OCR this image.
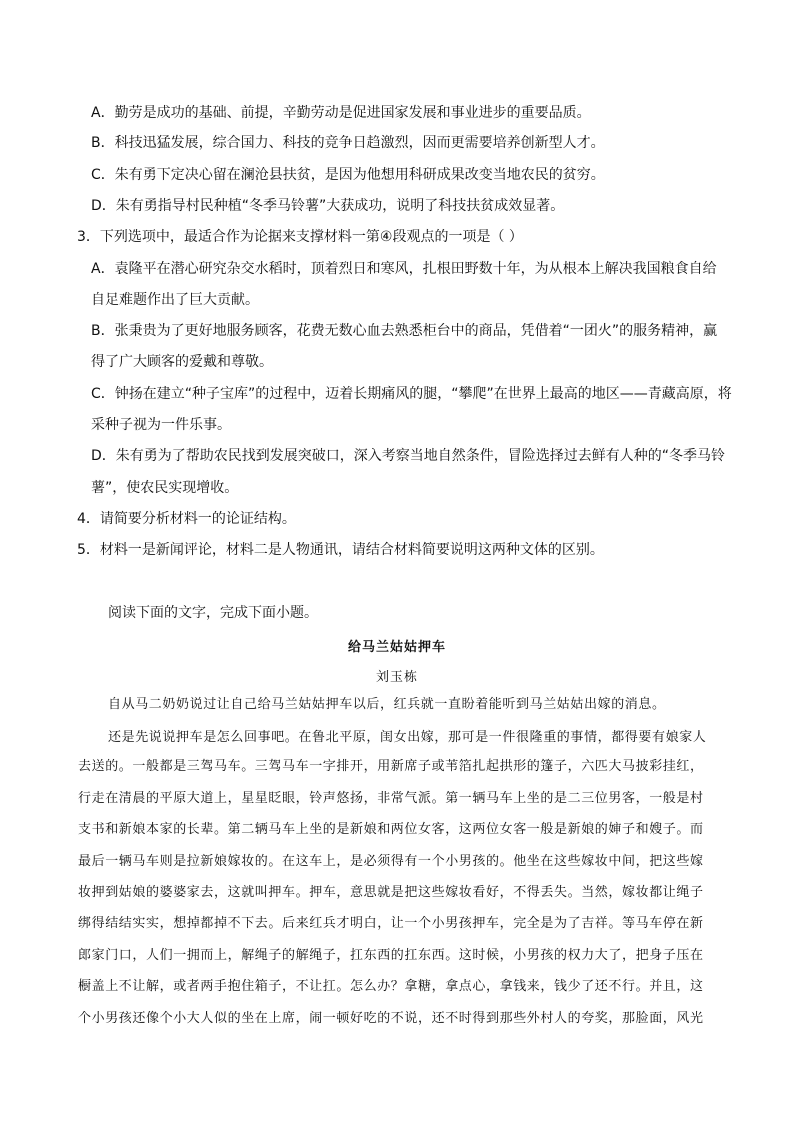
A．勤劳是成功的基础、前提，辛勤劳动是促进国家发展和事业进步的重要品质。

B．科技迅猛发展，综合国力、科技的竞争日趋激烈，因而更需要培养创新型人才。

C．朱有勇下定决心留在澜沧县扶贫，是因为他想用科研成果改变当地农民的贫穷。

D．朱有勇指导村民种植“冬季马铃薯”大获成功，说明了科技扶贫成效显著。

3．下列选项中，最适合作为论据来支撑材料一第④段观点的一项是（ ）

A．袁隆平在潜心研究杂交水稻时，顶着烈日和寒风，扎根田野数十年，为从根本上解决我国粮食自给

自足难题作出了巨大贡献。

B．张秉贵为了更好地服务顾客，花费无数心血去熟悉柜台中的商品，凭借着“一团火”的服务精神，赢

得了广大顾客的爱戴和尊敬。

C．钟扬在建立“种子宝库”的过程中，迈着长期痛风的腿，“攀爬”在世界上最高的地区——青藏高原，将

采种子视为一件乐事。

D．朱有勇为了帮助农民找到发展突破口，深入考察当地自然条件，冒险选择过去鲜有人种的“冬季马铃

薯”，使农民实现增收。

4．请简要分析材料一的论证结构。

5．材料一是新闻评论，材料二是人物通讯，请结合材料简要说明这两种文体的区别。

阅读下面的文字，完成下面小题。

给马兰姑姑押车

刘玉栋

自从马二奶奶说过让自己给马兰姑姑押车以后，红兵就一直盼着能听到马兰姑姑出嫁的消息。

还是先说说押车是怎么回事吧。在鲁北平原，闺女出嫁，那可是一件很隆重的事情，都得要有娘家人

去送的。一般都是三驾马车。三驾马车一字排开，用新席子或苇箔扎起拱形的篷子，六匹大马披彩挂红，

行走在清晨的平原大道上，星星眨眼，铃声悠扬，非常气派。第一辆马车上坐的是二三位男客，一般是村

支书和新娘本家的长辈。第二辆马车上坐的是新娘和两位女客，这两位女客一般是新娘的婶子和嫂子。而

最后一辆马车则是拉新娘嫁妆的。在这车上，是必须得有一个小男孩的。他坐在这些嫁妆中间，把这些嫁

妆押到姑娘的婆婆家去，这就叫押车。押车，意思就是把这些嫁妆看好，不得丢失。当然，嫁妆都让绳子

绑得结结实实，想掉都掉不下去。后来红兵才明白，让一个小男孩押车，完全是为了吉祥。等马车停在新

郎家门口，人们一拥而上，解绳子的解绳子，扛东西的扛东西。这时候，小男孩的权力大了，把身子压在

橱盖上不让解，或者两手抱住箱子，不让扛。怎么办？拿糖，拿点心，拿钱来，钱少了还不行。并且，这

个小男孩还像个小大人似的坐在上席，闹一顿好吃的不说，还不时得到那些外村人的夸奖，那脸面，风光
